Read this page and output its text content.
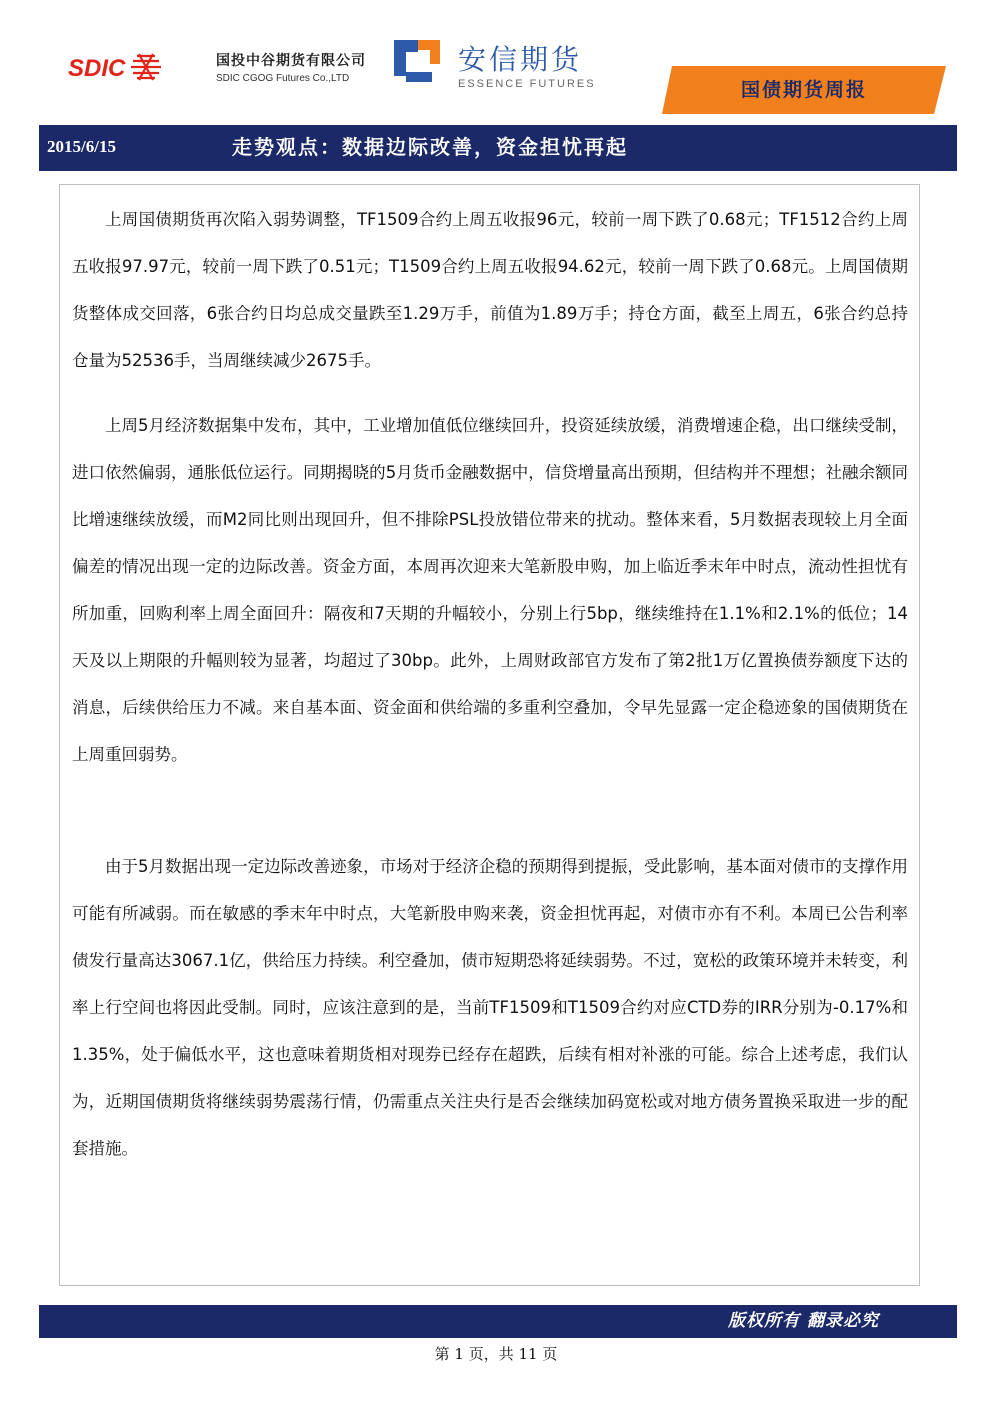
SDIC	国投中谷期货有限公司
SDIC CGOG Futures Co.,LTD
安信期货
ESSENCE FUTURES	国债期货周报
2015/6/15	走势观点：数据边际改善，资金担忧再起

上周国债期货再次陷入弱势调整，TF1509合约上周五收报96元，较前一周下跌了0.68元；TF1512合约上周五收报97.97元，较前一周下跌了0.51元；T1509合约上周五收报94.62元，较前一周下跌了0.68元。上周国债期货整体成交回落，6张合约日均总成交量跌至1.29万手，前值为1.89万手；持仓方面，截至上周五，6张合约总持仓量为52536手，当周继续减少2675手。

上周5月经济数据集中发布，其中，工业增加值低位继续回升，投资延续放缓，消费增速企稳，出口继续受制，进口依然偏弱，通胀低位运行。同期揭晓的5月货币金融数据中，信贷增量高出预期，但结构并不理想；社融余额同比增速继续放缓，而M2同比则出现回升，但不排除PSL投放错位带来的扰动。整体来看，5月数据表现较上月全面偏差的情况出现一定的边际改善。资金方面，本周再次迎来大笔新股申购，加上临近季末年中时点，流动性担忧有所加重，回购利率上周全面回升：隔夜和7天期的升幅较小，分别上行5bp，继续维持在1.1%和2.1%的低位；14天及以上期限的升幅则较为显著，均超过了30bp。此外，上周财政部官方发布了第2批1万亿置换债券额度下达的消息，后续供给压力不减。来自基本面、资金面和供给端的多重利空叠加，令早先显露一定企稳迹象的国债期货在上周重回弱势。

由于5月数据出现一定边际改善迹象，市场对于经济企稳的预期得到提振，受此影响，基本面对债市的支撑作用可能有所减弱。而在敏感的季末年中时点，大笔新股申购来袭，资金担忧再起，对债市亦有不利。本周已公告利率债发行量高达3067.1亿，供给压力持续。利空叠加，债市短期恐将延续弱势。不过，宽松的政策环境并未转变，利率上行空间也将因此受制。同时，应该注意到的是，当前TF1509和T1509合约对应CTD券的IRR分别为-0.17%和1.35%，处于偏低水平，这也意味着期货相对现券已经存在超跌，后续有相对补涨的可能。综合上述考虑，我们认为，近期国债期货将继续弱势震荡行情，仍需重点关注央行是否会继续加码宽松或对地方债务置换采取进一步的配套措施。

版权所有 翻录必究
第 1 页，共 11 页
